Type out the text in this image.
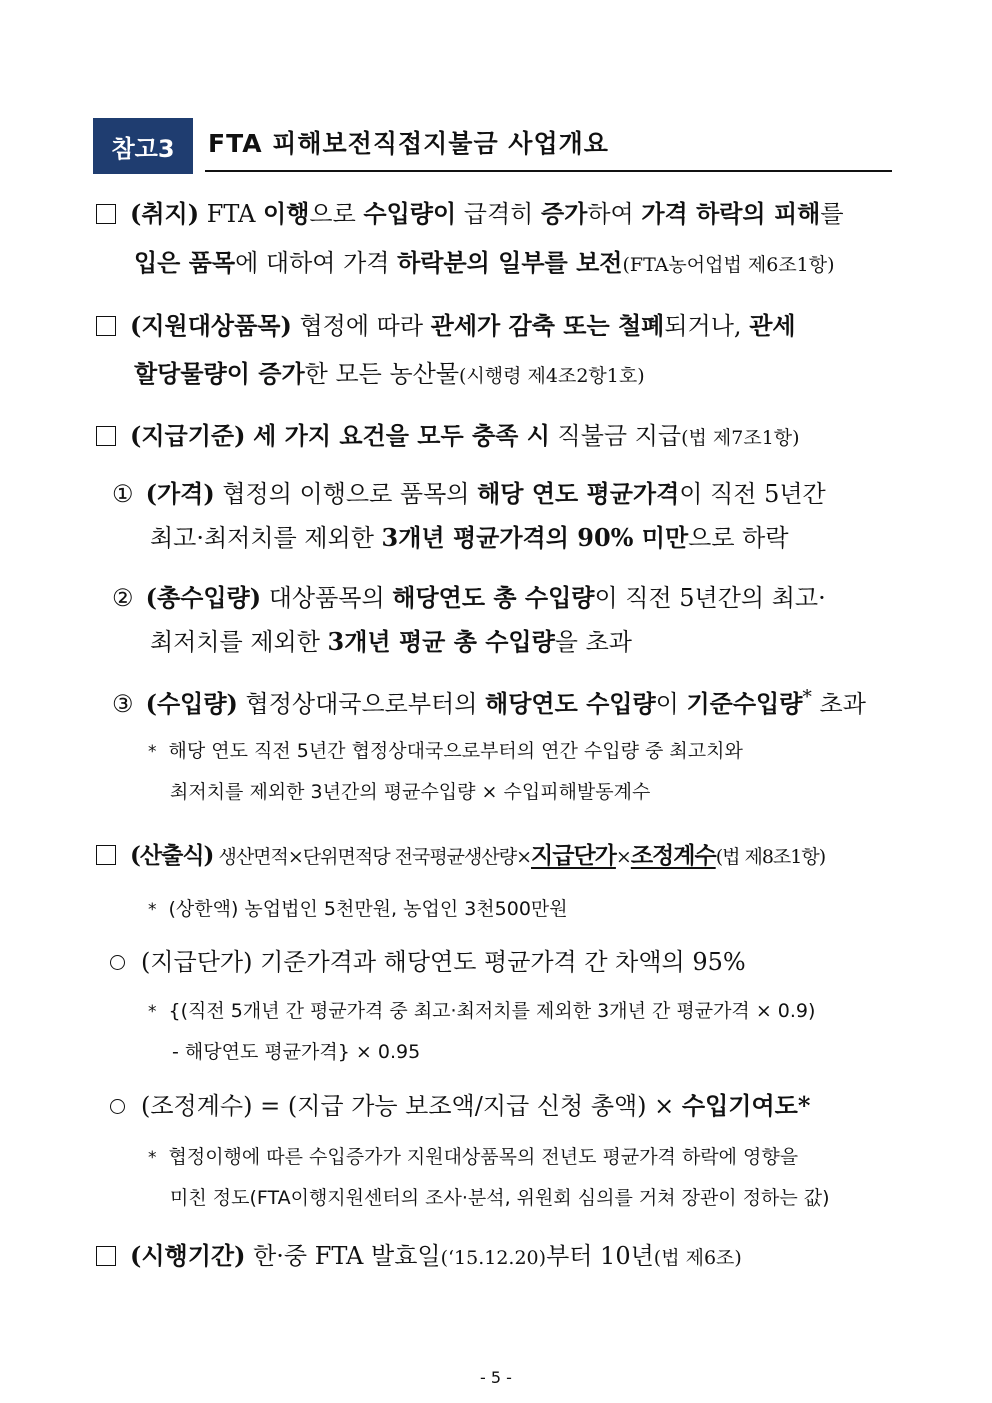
참고3	FTA 피해보전직접지불금 사업개요
(취지) FTA 이행으로 수입량이 급격히 증가하여 가격 하락의 피해를
입은 품목에 대하여 가격 하락분의 일부를 보전(FTA농어업법 제6조1항)
(지원대상품목) 협정에 따라 관세가 감축 또는 철폐되거나, 관세
할당물량이 증가한 모든 농산물(시행령 제4조2항1호)
(지급기준) 세 가지 요건을 모두 충족 시 직불금 지급(법 제7조1항)
① (가격) 협정의 이행으로 품목의 해당 연도 평균가격이 직전 5년간
최고·최저치를 제외한 3개년 평균가격의 90% 미만으로 하락
② (총수입량) 대상품목의 해당연도 총 수입량이 직전 5년간의 최고·
최저치를 제외한 3개년 평균 총 수입량을 초과
③ (수입량) 협정상대국으로부터의 해당연도 수입량이 기준수입량* 초과
* 해당 연도 직전 5년간 협정상대국으로부터의 연간 수입량 중 최고치와
최저치를 제외한 3년간의 평균수입량 × 수입피해발동계수
(산출식) 생산면적×단위면적당 전국평균생산량×지급단가×조정계수(법 제8조1항)
* (상한액) 농업법인 5천만원, 농업인 3천500만원
(지급단가) 기준가격과 해당연도 평균가격 간 차액의 95%
* {(직전 5개년 간 평균가격 중 최고·최저치를 제외한 3개년 간 평균가격 × 0.9)
- 해당연도 평균가격} × 0.95
(조정계수) = (지급 가능 보조액/지급 신청 총액) × 수입기여도*
* 협정이행에 따른 수입증가가 지원대상품목의 전년도 평균가격 하락에 영향을
미친 정도(FTA이행지원센터의 조사·분석, 위원회 심의를 거쳐 장관이 정하는 값)
(시행기간) 한·중 FTA 발효일(‘15.12.20)부터 10년(법 제6조)
- 5 -
